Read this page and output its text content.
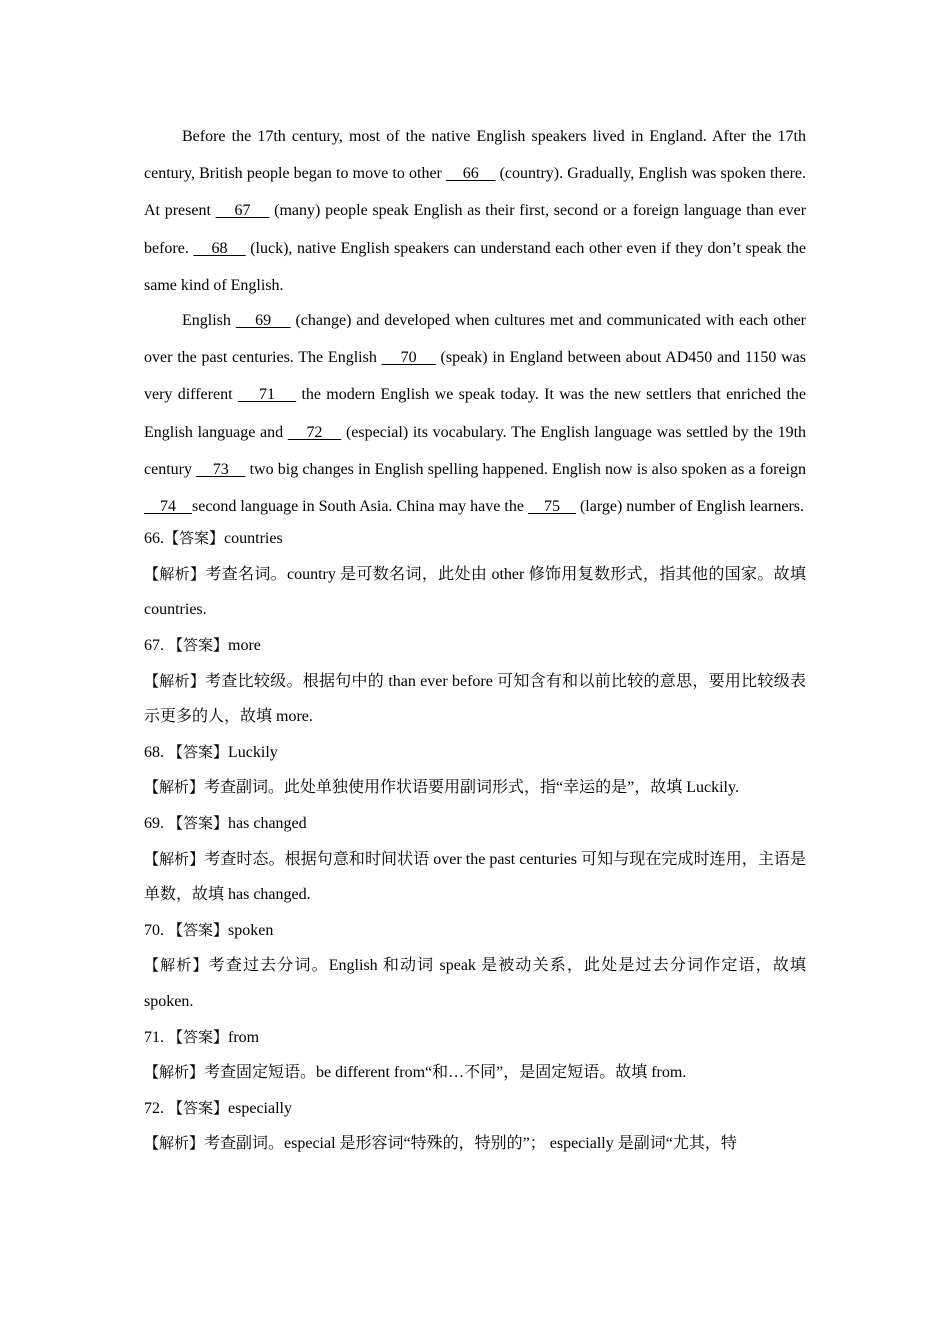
Before the 17th century, most of the native English speakers lived in England. After the 17th century, British people began to move to other     66     (country). Gradually, English was spoken there. At present     67     (many) people speak English as their first, second or a foreign language than ever before.     68     (luck), native English speakers can understand each other even if they don’t speak the same kind of English.

English     69     (change) and developed when cultures met and communicated with each other over the past centuries. The English     70     (speak) in England between about AD450 and 1150 was very different     71     the modern English we speak today. It was the new settlers that enriched the English language and     72     (especial) its vocabulary. The English language was settled by the 19th century     73     two big changes in English spelling happened. English now is also spoken as a foreign     74    second language in South Asia. China may have the     75     (large) number of English learners.

66.【答案】countries

【解析】考查名词。country 是可数名词，此处由 other 修饰用复数形式，指其他的国家。故填 countries.

67. 【答案】more

【解析】考查比较级。根据句中的 than ever before 可知含有和以前比较的意思，要用比较级表示更多的人，故填 more.

68. 【答案】Luckily

【解析】考查副词。此处单独使用作状语要用副词形式，指“幸运的是”，故填 Luckily.

69. 【答案】has changed

【解析】考查时态。根据句意和时间状语 over the past centuries 可知与现在完成时连用，主语是单数，故填 has changed.

70. 【答案】spoken

【解析】考查过去分词。English 和动词 speak 是被动关系，此处是过去分词作定语，故填 spoken.

71. 【答案】from

【解析】考查固定短语。be different from“和…不同”，是固定短语。故填 from.

72. 【答案】especially

【解析】考查副词。especial 是形容词“特殊的，特别的”； especially 是副词“尤其，特
